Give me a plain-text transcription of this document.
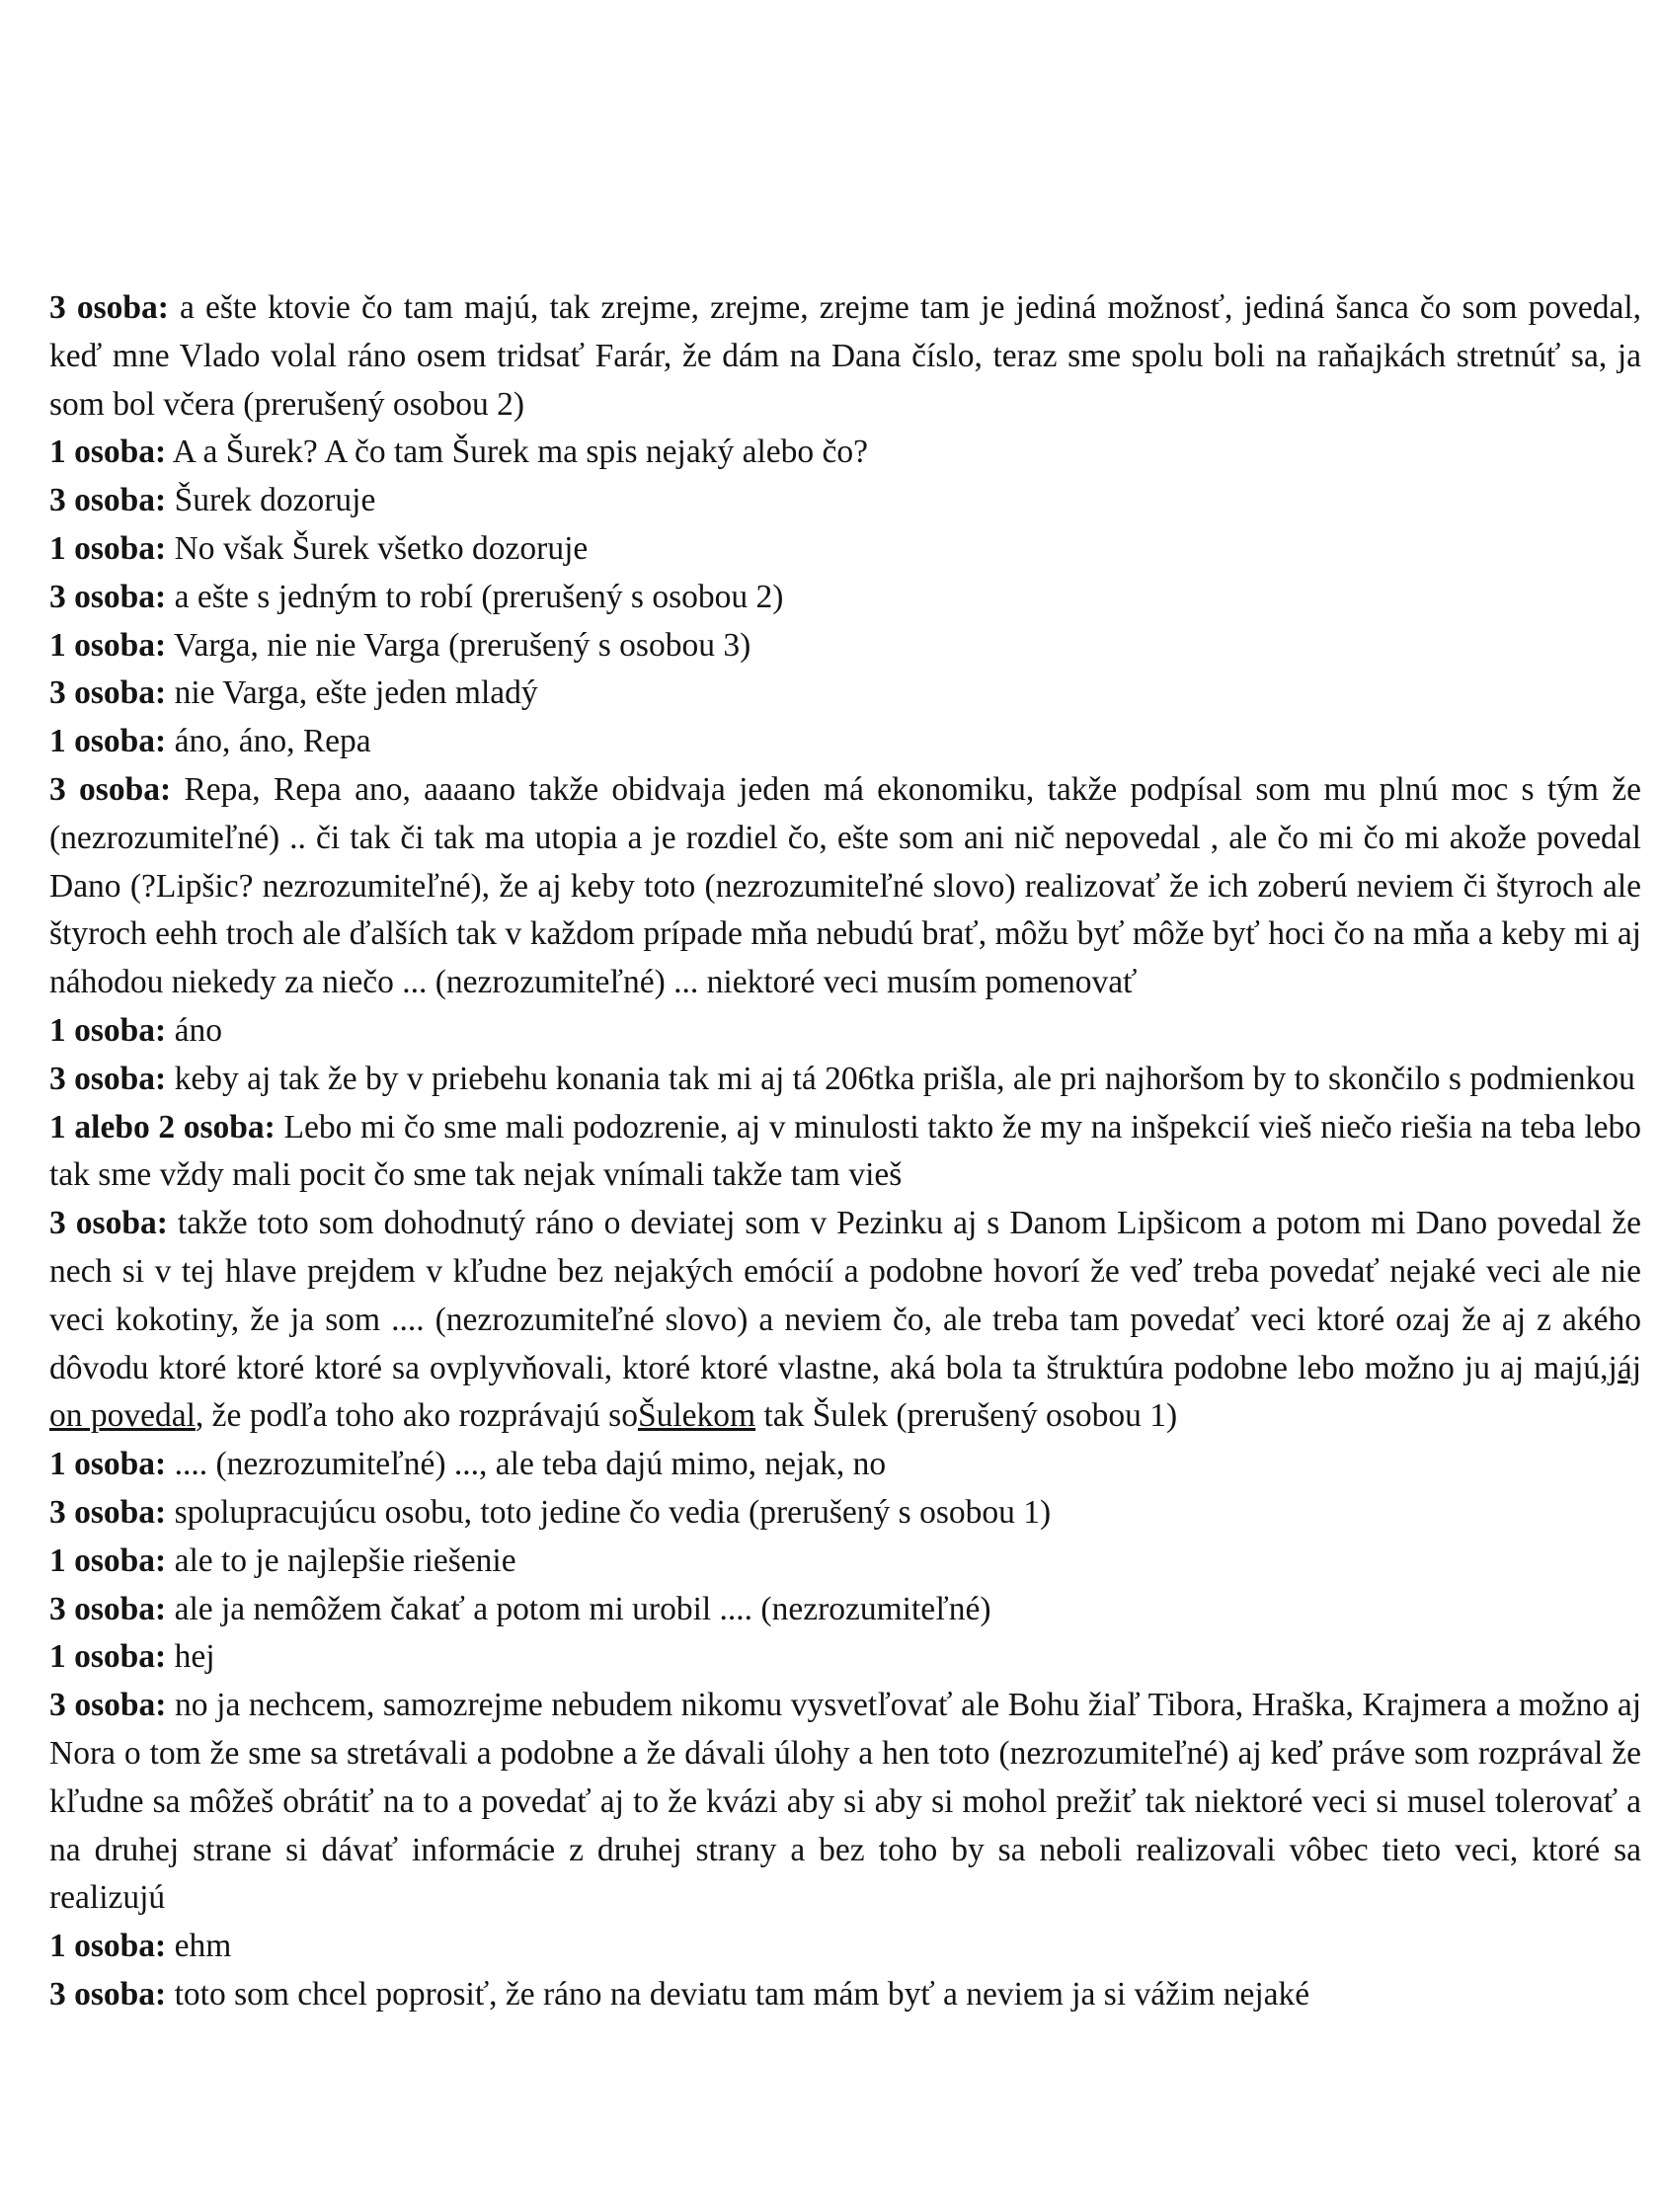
3 osoba: a ešte ktovie čo tam majú, tak zrejme, zrejme, zrejme tam je jediná možnosť, jediná šanca čo som povedal, keď mne Vlado volal ráno osem tridsať Farár, že dám na Dana číslo, teraz sme spolu boli na raňajkách stretnúť sa, ja som bol včera (prerušený osobou 2)

1 osoba: A a Šurek? A čo tam Šurek ma spis nejaký alebo čo?

3 osoba: Šurek dozoruje

1 osoba: No však Šurek všetko dozoruje

3 osoba: a ešte s jedným to robí (prerušený s osobou 2)

1 osoba: Varga, nie nie Varga (prerušený s osobou 3)

3 osoba: nie Varga, ešte jeden mladý

1 osoba: áno, áno, Repa

3 osoba: Repa, Repa ano, aaaano takže obidvaja jeden má ekonomiku, takže podpísal som mu plnú moc s tým že (nezrozumiteľné) .. či tak či tak ma utopia a je rozdiel čo, ešte som ani nič nepovedal , ale čo mi čo mi akože povedal Dano (?Lipšic? nezrozumiteľné), že aj keby toto (nezrozumiteľné slovo) realizovať že ich zoberú neviem či štyroch ale štyroch eehh troch ale ďalších tak v každom prípade mňa nebudú brať, môžu byť môže byť hoci čo na mňa a keby mi aj náhodou niekedy za niečo ... (nezrozumiteľné) ... niektoré veci musím pomenovať

1 osoba: áno

3 osoba: keby aj tak že by v priebehu konania tak mi aj tá 206tka prišla, ale pri najhoršom by to skončilo s podmienkou

1 alebo 2 osoba: Lebo mi čo sme mali podozrenie, aj v minulosti takto že my na inšpekcií vieš niečo riešia na teba lebo tak sme vždy mali pocit čo sme tak nejak vnímali takže tam vieš

3 osoba: takže toto som dohodnutý ráno o deviatej som v Pezinku aj s Danom Lipšicom a potom mi Dano povedal že nech si v tej hlave prejdem v kľudne bez nejakých emócií a podobne hovorí že veď treba povedať nejaké veci ale nie veci kokotiny, že ja som .... (nezrozumiteľné slovo) a neviem čo, ale treba tam povedať veci ktoré ozaj že aj z akého dôvodu ktoré ktoré ktoré sa ovplyvňovali, ktoré ktoré vlastne, aká bola ta štruktúra podobne lebo možno ju aj majú,jáj on povedal, že podľa toho ako rozprávajú soŠulekom tak Šulek (prerušený osobou 1)

1 osoba: .... (nezrozumiteľné) ..., ale teba dajú mimo, nejak, no

3 osoba: spolupracujúcu osobu, toto jedine čo vedia (prerušený s osobou 1)

1 osoba: ale to je najlepšie riešenie

3 osoba: ale ja nemôžem čakať a potom mi urobil .... (nezrozumiteľné)

1 osoba: hej

3 osoba: no ja nechcem, samozrejme nebudem nikomu vysvetľovať ale Bohu žiaľ Tibora, Hraška, Krajmera a možno aj Nora o tom že sme sa stretávali a podobne a že dávali úlohy a hen toto (nezrozumiteľné) aj keď práve som rozprával že kľudne sa môžeš obrátiť na to a povedať aj to že kvázi aby si aby si mohol prežiť tak niektoré veci si musel tolerovať a na druhej strane si dávať informácie z druhej strany a bez toho by sa neboli realizovali vôbec tieto veci, ktoré sa realizujú

1 osoba: ehm

3 osoba: toto som chcel poprosiť, že ráno na deviatu tam mám byť a neviem ja si vážim nejaké
